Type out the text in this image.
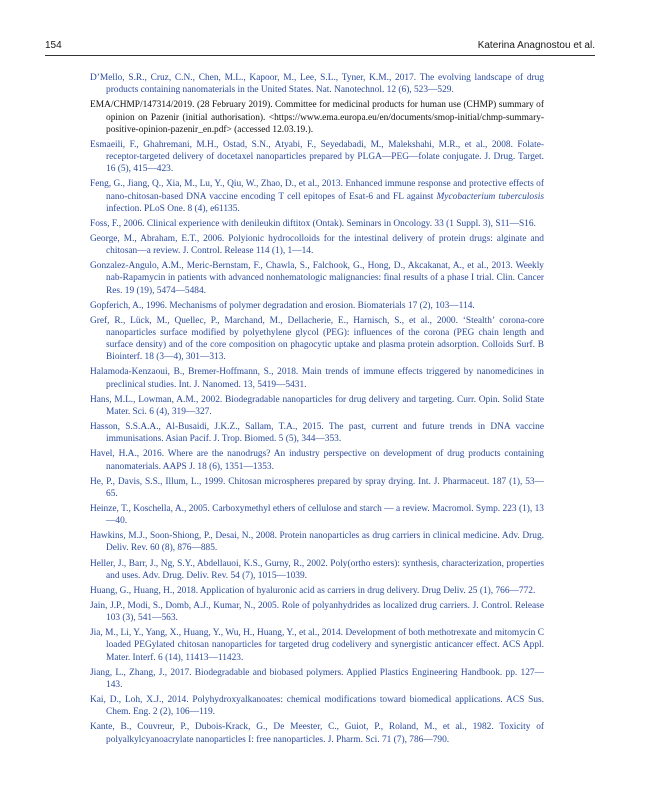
154	Katerina Anagnostou et al.

D’Mello, S.R., Cruz, C.N., Chen, M.L., Kapoor, M., Lee, S.L., Tyner, K.M., 2017. The evolving landscape of drug products containing nanomaterials in the United States. Nat. Nanotechnol. 12 (6), 523—529.

EMA/CHMP/147314/2019. (28 February 2019). Committee for medicinal products for human use (CHMP) summary of opinion on Pazenir (initial authorisation). <https://www.ema.europa.eu/en/documents/smop-initial/chmp-summary-positive-opinion-pazenir_en.pdf> (accessed 12.03.19.).

Esmaeili, F., Ghahremani, M.H., Ostad, S.N., Atyabi, F., Seyedabadi, M., Malekshahi, M.R., et al., 2008. Folate-receptor-targeted delivery of docetaxel nanoparticles prepared by PLGA—PEG—folate conjugate. J. Drug. Target. 16 (5), 415—423.

Feng, G., Jiang, Q., Xia, M., Lu, Y., Qiu, W., Zhao, D., et al., 2013. Enhanced immune response and protective effects of nano-chitosan-based DNA vaccine encoding T cell epitopes of Esat-6 and FL against Mycobacterium tuberculosis infection. PLoS One. 8 (4), e61135.

Foss, F., 2006. Clinical experience with denileukin diftitox (Ontak). Seminars in Oncology. 33 (1 Suppl. 3), S11—S16.

George, M., Abraham, E.T., 2006. Polyionic hydrocolloids for the intestinal delivery of protein drugs: alginate and chitosan—a review. J. Control. Release 114 (1), 1—14.

Gonzalez-Angulo, A.M., Meric-Bernstam, F., Chawla, S., Falchook, G., Hong, D., Akcakanat, A., et al., 2013. Weekly nab-Rapamycin in patients with advanced nonhematologic malignancies: final results of a phase I trial. Clin. Cancer Res. 19 (19), 5474—5484.

Gopferich, A., 1996. Mechanisms of polymer degradation and erosion. Biomaterials 17 (2), 103—114.

Gref, R., Lück, M., Quellec, P., Marchand, M., Dellacherie, E., Harnisch, S., et al., 2000. ‘Stealth’ corona-core nanoparticles surface modified by polyethylene glycol (PEG): influences of the corona (PEG chain length and surface density) and of the core composition on phagocytic uptake and plasma protein adsorption. Colloids Surf. B Biointerf. 18 (3—4), 301—313.

Halamoda-Kenzaoui, B., Bremer-Hoffmann, S., 2018. Main trends of immune effects triggered by nanomedicines in preclinical studies. Int. J. Nanomed. 13, 5419—5431.

Hans, M.L., Lowman, A.M., 2002. Biodegradable nanoparticles for drug delivery and targeting. Curr. Opin. Solid State Mater. Sci. 6 (4), 319—327.

Hasson, S.S.A.A., Al-Busaidi, J.K.Z., Sallam, T.A., 2015. The past, current and future trends in DNA vaccine immunisations. Asian Pacif. J. Trop. Biomed. 5 (5), 344—353.

Havel, H.A., 2016. Where are the nanodrugs? An industry perspective on development of drug products containing nanomaterials. AAPS J. 18 (6), 1351—1353.

He, P., Davis, S.S., Illum, L., 1999. Chitosan microspheres prepared by spray drying. Int. J. Pharmaceut. 187 (1), 53—65.

Heinze, T., Koschella, A., 2005. Carboxymethyl ethers of cellulose and starch — a review. Macromol. Symp. 223 (1), 13—40.

Hawkins, M.J., Soon-Shiong, P., Desai, N., 2008. Protein nanoparticles as drug carriers in clinical medicine. Adv. Drug. Deliv. Rev. 60 (8), 876—885.

Heller, J., Barr, J., Ng, S.Y., Abdellauoi, K.S., Gurny, R., 2002. Poly(ortho esters): synthesis, characterization, properties and uses. Adv. Drug. Deliv. Rev. 54 (7), 1015—1039.

Huang, G., Huang, H., 2018. Application of hyaluronic acid as carriers in drug delivery. Drug Deliv. 25 (1), 766—772.

Jain, J.P., Modi, S., Domb, A.J., Kumar, N., 2005. Role of polyanhydrides as localized drug carriers. J. Control. Release 103 (3), 541—563.

Jia, M., Li, Y., Yang, X., Huang, Y., Wu, H., Huang, Y., et al., 2014. Development of both methotrexate and mitomycin C loaded PEGylated chitosan nanoparticles for targeted drug codelivery and synergistic anticancer effect. ACS Appl. Mater. Interf. 6 (14), 11413—11423.

Jiang, L., Zhang, J., 2017. Biodegradable and biobased polymers. Applied Plastics Engineering Handbook. pp. 127—143.

Kai, D., Loh, X.J., 2014. Polyhydroxyalkanoates: chemical modifications toward biomedical applications. ACS Sus. Chem. Eng. 2 (2), 106—119.

Kante, B., Couvreur, P., Dubois-Krack, G., De Meester, C., Guiot, P., Roland, M., et al., 1982. Toxicity of polyalkylcyanoacrylate nanoparticles I: free nanoparticles. J. Pharm. Sci. 71 (7), 786—790.
